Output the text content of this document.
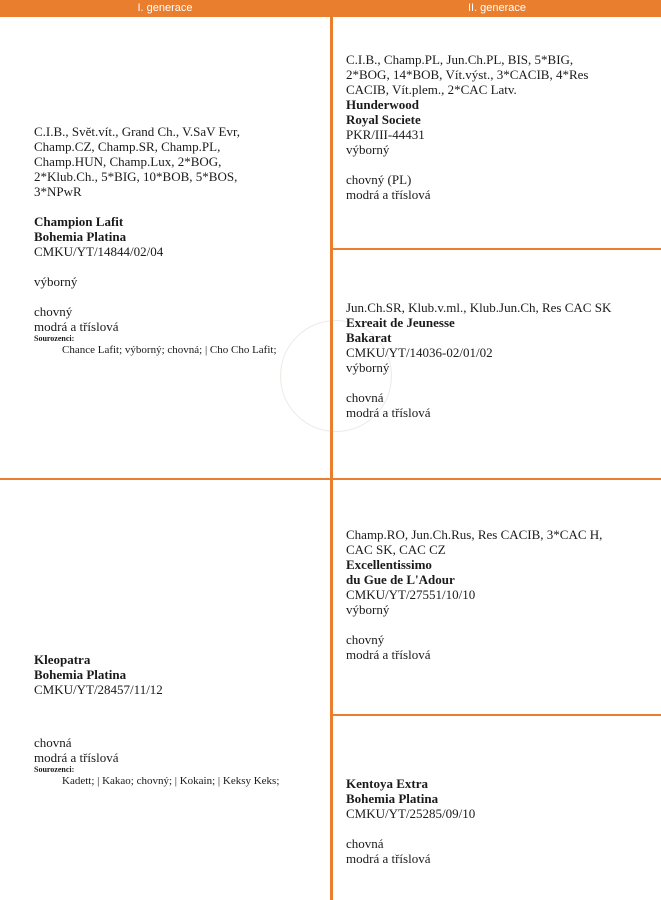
I. generace	II. generace

C.I.B., Svět.vít., Grand Ch., V.SaV Evr,
Champ.CZ, Champ.SR, Champ.PL,
Champ.HUN, Champ.Lux, 2*BOG,
2*Klub.Ch., 5*BIG, 10*BOB, 5*BOS,
3*NPwR

Champion Lafit

Bohemia Platina

CMKU/YT/14844/02/04

výborný

chovný

modrá a tříslová

Sourozenci:

Chance Lafit; výborný; chovná; | Cho Cho Lafit;

C.I.B., Champ.PL, Jun.Ch.PL, BIS, 5*BIG,
2*BOG, 14*BOB, Vít.výst., 3*CACIB, 4*Res
CACIB, Vít.plem., 2*CAC Latv.

Hunderwood

Royal Societe

PKR/III-44431

výborný

chovný (PL)

modrá a tříslová

Jun.Ch.SR, Klub.v.ml., Klub.Jun.Ch, Res CAC SK

Exreait de Jeunesse

Bakarat

CMKU/YT/14036-02/01/02

výborný

chovná

modrá a tříslová

Kleopatra

Bohemia Platina

CMKU/YT/28457/11/12

chovná

modrá a tříslová

Sourozenci:

Kadett; | Kakao; chovný; | Kokain; | Keksy Keks;

Champ.RO, Jun.Ch.Rus, Res CACIB, 3*CAC H,
CAC SK, CAC CZ

Excellentissimo

du Gue de L'Adour

CMKU/YT/27551/10/10

výborný

chovný

modrá a tříslová

Kentoya Extra

Bohemia Platina

CMKU/YT/25285/09/10

chovná

modrá a tříslová
